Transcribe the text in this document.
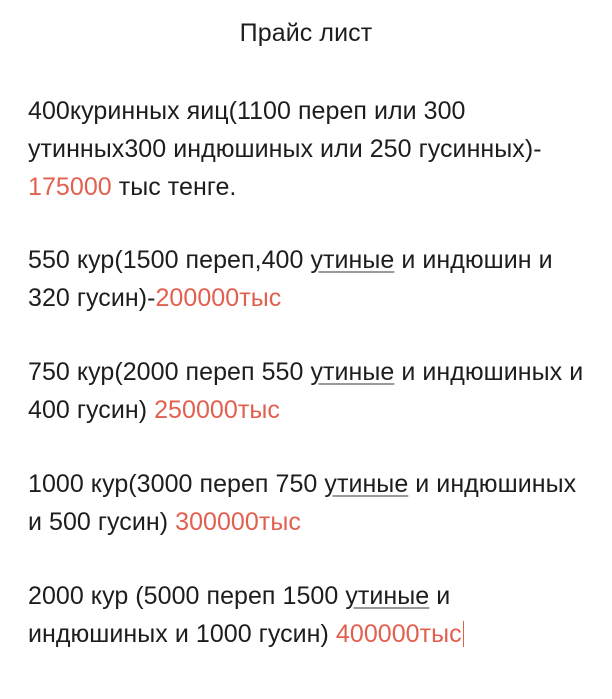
Прайс лист

400куринных яиц(1100 переп или 300 утинных300 индюшиных или 250 гусинных)- 175000 тыс тенге.

550 кур(1500 переп,400 утиные и индюшин и 320 гусин)-200000тыс

750 кур(2000 переп 550 утиные и индюшиных и 400 гусин) 250000тыс

1000 кур(3000 переп 750 утиные и индюшиных и 500 гусин) 300000тыс

2000 кур (5000 переп 1500 утиные и индюшиных и 1000 гусин) 400000тыс
